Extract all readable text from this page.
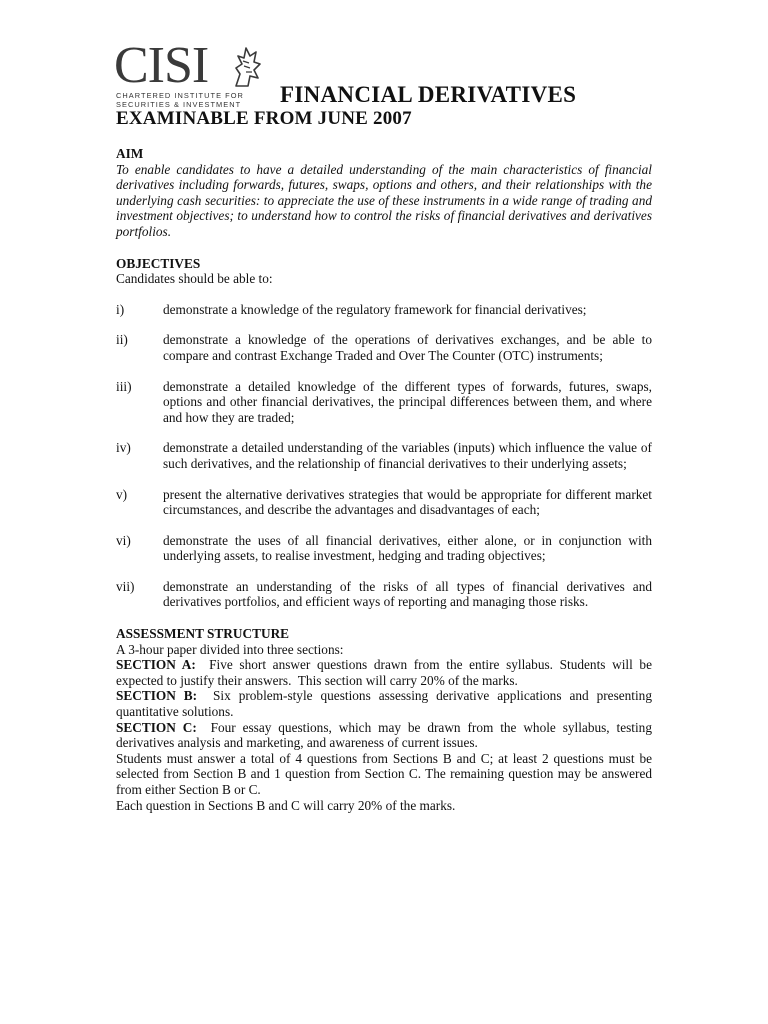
CISI
CHARTERED INSTITUTE FOR
SECURITIES & INVESTMENT FINANCIAL DERIVATIVES
EXAMINABLE FROM JUNE 2007
AIM

To enable candidates to have a detailed understanding of the main characteristics of financial derivatives including forwards, futures, swaps, options and others, and their relationships with the underlying cash securities: to appreciate the use of these instruments in a wide range of trading and investment objectives; to understand how to control the risks of financial derivatives and derivatives portfolios.

OBJECTIVES
Candidates should be able to:
i)	demonstrate a knowledge of the regulatory framework for financial derivatives;
ii)	demonstrate a knowledge of the operations of derivatives exchanges, and be able to compare and contrast Exchange Traded and Over The Counter (OTC) instruments;
iii)	demonstrate a detailed knowledge of the different types of forwards, futures, swaps, options and other financial derivatives, the principal differences between them, and where and how they are traded;
iv)	demonstrate a detailed understanding of the variables (inputs) which influence the value of such derivatives, and the relationship of financial derivatives to their underlying assets;
v)	present the alternative derivatives strategies that would be appropriate for different market circumstances, and describe the advantages and disadvantages of each;
vi)	demonstrate the uses of all financial derivatives, either alone, or in conjunction with underlying assets, to realise investment, hedging and trading objectives;
vii)	demonstrate an understanding of the risks of all types of financial derivatives and derivatives portfolios, and efficient ways of reporting and managing those risks.
ASSESSMENT STRUCTURE
A 3-hour paper divided into three sections:

SECTION A:  Five short answer questions drawn from the entire syllabus. Students will be expected to justify their answers.  This section will carry 20% of the marks.

SECTION B:  Six problem-style questions assessing derivative applications and presenting quantitative solutions.

SECTION C:  Four essay questions, which may be drawn from the whole syllabus, testing derivatives analysis and marketing, and awareness of current issues.

Students must answer a total of 4 questions from Sections B and C; at least 2 questions must be selected from Section B and 1 question from Section C. The remaining question may be answered from either Section B or C.

Each question in Sections B and C will carry 20% of the marks.
